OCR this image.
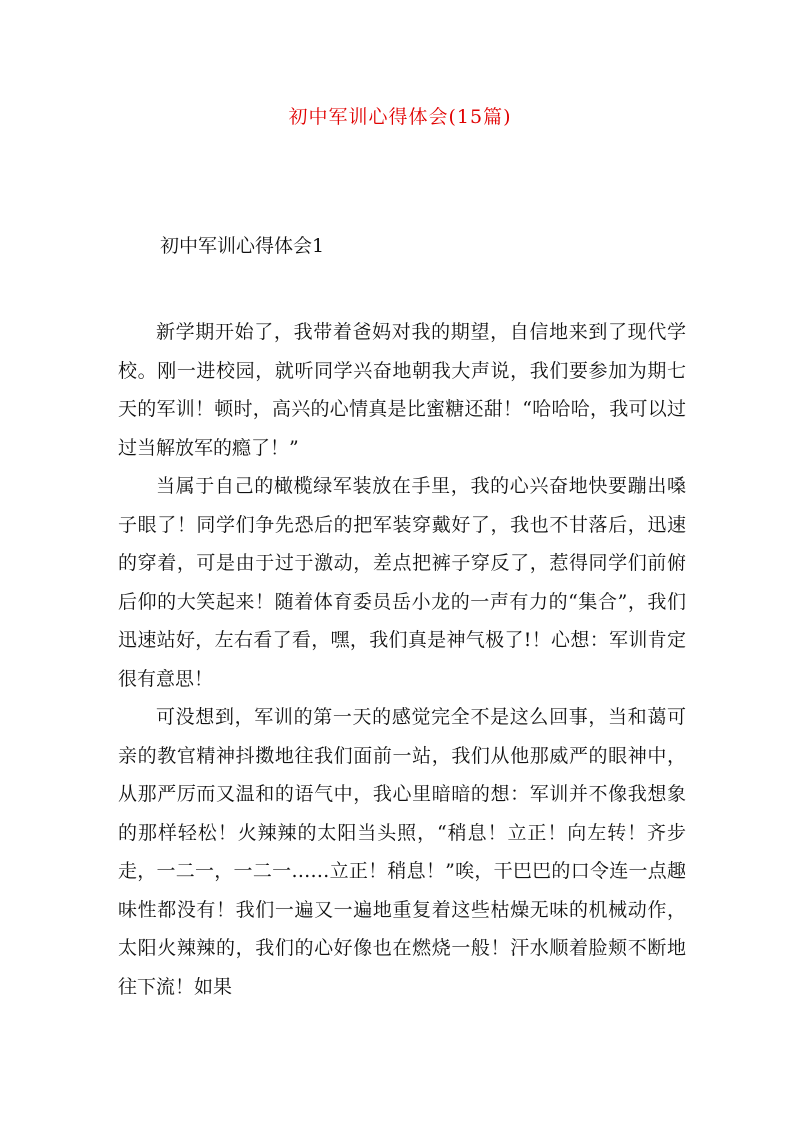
初中军训心得体会(15篇)
初中军训心得体会1

新学期开始了，我带着爸妈对我的期望，自信地来到了现代学校。刚一进校园，就听同学兴奋地朝我大声说，我们要参加为期七天的军训！顿时，高兴的心情真是比蜜糖还甜！“哈哈哈，我可以过过当解放军的瘾了！”

当属于自己的橄榄绿军装放在手里，我的心兴奋地快要蹦出嗓子眼了！同学们争先恐后的把军装穿戴好了，我也不甘落后，迅速的穿着，可是由于过于激动，差点把裤子穿反了，惹得同学们前俯后仰的大笑起来！随着体育委员岳小龙的一声有力的“集合”，我们迅速站好，左右看了看，嘿，我们真是神气极了!！心想：军训肯定很有意思！

可没想到，军训的第一天的感觉完全不是这么回事，当和蔼可亲的教官精神抖擞地往我们面前一站，我们从他那威严的眼神中，从那严厉而又温和的语气中，我心里暗暗的想：军训并不像我想象的那样轻松！火辣辣的太阳当头照，“稍息！立正！向左转！齐步走，一二一，一二一……立正！稍息！”唉，干巴巴的口令连一点趣味性都没有！我们一遍又一遍地重复着这些枯燥无味的机械动作，太阳火辣辣的，我们的心好像也在燃烧一般！汗水顺着脸颊不断地往下流！如果
